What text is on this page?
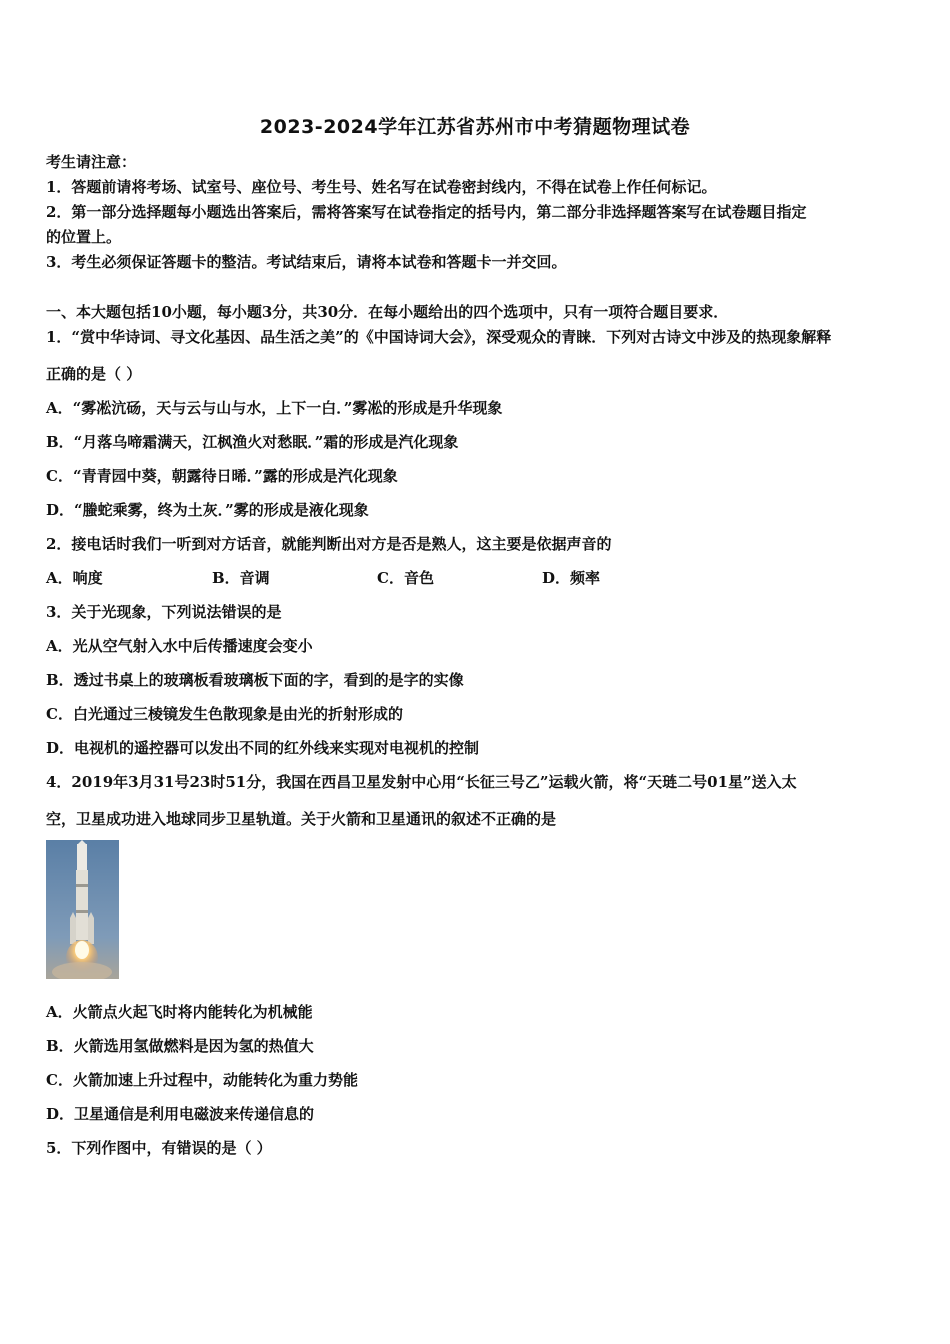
2023-2024学年江苏省苏州市中考猜题物理试卷
考生请注意：
1．答题前请将考场、试室号、座位号、考生号、姓名写在试卷密封线内，不得在试卷上作任何标记。
2．第一部分选择题每小题选出答案后，需将答案写在试卷指定的括号内，第二部分非选择题答案写在试卷题目指定
的位置上。
3．考生必须保证答题卡的整洁。考试结束后，请将本试卷和答题卡一并交回。
一、本大题包括10小题，每小题3分，共30分．在每小题给出的四个选项中，只有一项符合题目要求．
1．“赏中华诗词、寻文化基因、品生活之美”的《中国诗词大会》，深受观众的青睐．下列对古诗文中涉及的热现象解释
正确的是（ ）
A．“雾凇沆砀，天与云与山与水，上下一白．”雾凇的形成是升华现象
B．“月落乌啼霜满天，江枫渔火对愁眠．”霜的形成是汽化现象
C．“青青园中葵，朝露待日晞．”露的形成是汽化现象
D．“螣蛇乘雾，终为土灰．”雾的形成是液化现象
2．接电话时我们一听到对方话音，就能判断出对方是否是熟人，这主要是依据声音的
A．响度	B．音调	C．音色	D．频率
3．关于光现象，下列说法错误的是
A．光从空气射入水中后传播速度会变小
B．透过书桌上的玻璃板看玻璃板下面的字，看到的是字的实像
C．白光通过三棱镜发生色散现象是由光的折射形成的
D．电视机的遥控器可以发出不同的红外线来实现对电视机的控制
4．2019年3月31号23时51分，我国在西昌卫星发射中心用“长征三号乙”运载火箭，将“天琏二号01星”送入太
空，卫星成功进入地球同步卫星轨道。关于火箭和卫星通讯的叙述不正确的是
A．火箭点火起飞时将内能转化为机械能
B．火箭选用氢做燃料是因为氢的热值大
C．火箭加速上升过程中，动能转化为重力势能
D．卫星通信是利用电磁波来传递信息的
5．下列作图中，有错误的是（ ）
